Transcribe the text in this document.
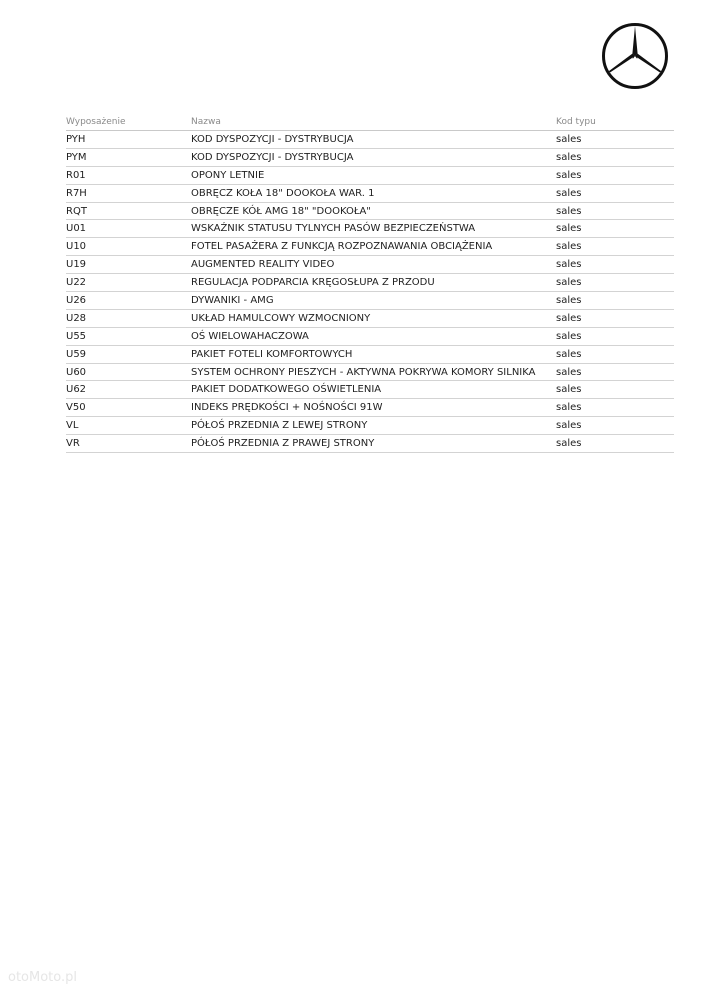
Wyposażenie	Nazwa	Kod typu
PYH	KOD DYSPOZYCJI - DYSTRYBUCJA	sales
PYM	KOD DYSPOZYCJI - DYSTRYBUCJA	sales
R01	OPONY LETNIE	sales
R7H	OBRĘCZ KOŁA 18" DOOKOŁA WAR. 1	sales
RQT	OBRĘCZE KÓŁ AMG 18" "DOOKOŁA"	sales
U01	WSKAŹNIK STATUSU TYLNYCH PASÓW BEZPIECZEŃSTWA	sales
U10	FOTEL PASAŻERA Z FUNKCJĄ ROZPOZNAWANIA OBCIĄŻENIA	sales
U19	AUGMENTED REALITY VIDEO	sales
U22	REGULACJA PODPARCIA KRĘGOSŁUPA Z PRZODU	sales
U26	DYWANIKI - AMG	sales
U28	UKŁAD HAMULCOWY WZMOCNIONY	sales
U55	OŚ WIELOWAHACZOWA	sales
U59	PAKIET FOTELI KOMFORTOWYCH	sales
U60	SYSTEM OCHRONY PIESZYCH - AKTYWNA POKRYWA KOMORY SILNIKA	sales
U62	PAKIET DODATKOWEGO OŚWIETLENIA	sales
V50	INDEKS PRĘDKOŚCI + NOŚNOŚCI 91W	sales
VL	PÓŁOŚ PRZEDNIA Z LEWEJ STRONY	sales
VR	PÓŁOŚ PRZEDNIA Z PRAWEJ STRONY	sales
otoMoto.pl
